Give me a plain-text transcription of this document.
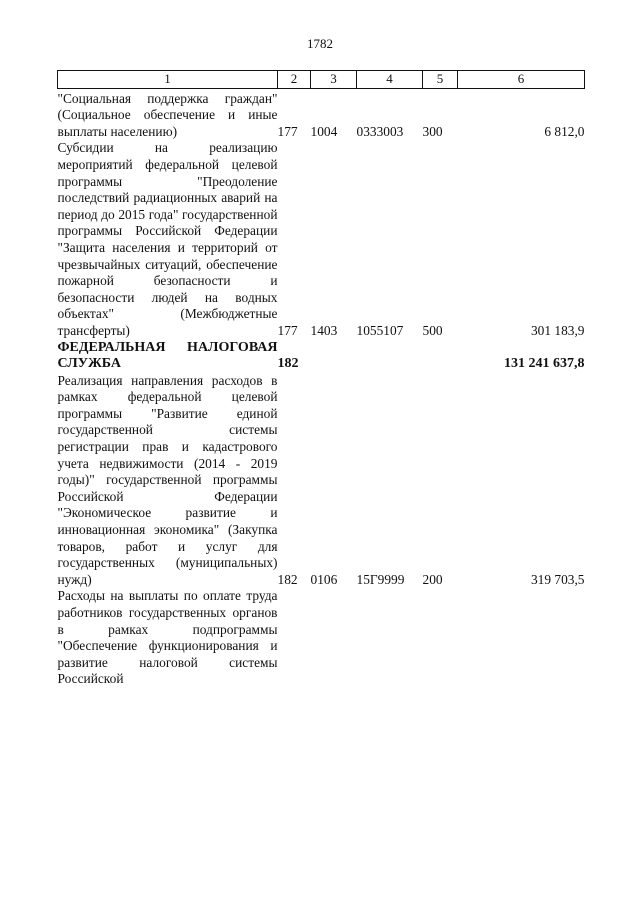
1782
1	2	3	4	5	6
"Социальная поддержка граждан" (Социальное обеспечение и иные выплаты населению)	177	1004	0333003	300	6 812,0
Субсидии на реализацию мероприятий федеральной целевой программы "Преодоление последствий радиационных аварий на период до 2015 года" государственной программы Российской Федерации "Защита населения и территорий от чрезвычайных ситуаций, обеспечение пожарной безопасности и безопасности людей на водных объектах" (Межбюджетные трансферты)	177	1403	1055107	500	301 183,9
ФЕДЕРАЛЬНАЯ НАЛОГОВАЯ СЛУЖБА	182				131 241 637,8
Реализация направления расходов в рамках федеральной целевой программы "Развитие единой государственной системы регистрации прав и кадастрового учета недвижимости (2014 - 2019 годы)" государственной программы Российской Федерации "Экономическое развитие и инновационная экономика" (Закупка товаров, работ и услуг для государственных (муниципальных) нужд)	182	0106	15Г9999	200	319 703,5
Расходы на выплаты по оплате труда работников государственных органов в рамках подпрограммы "Обеспечение функционирования и развитие налоговой системы Российской					
